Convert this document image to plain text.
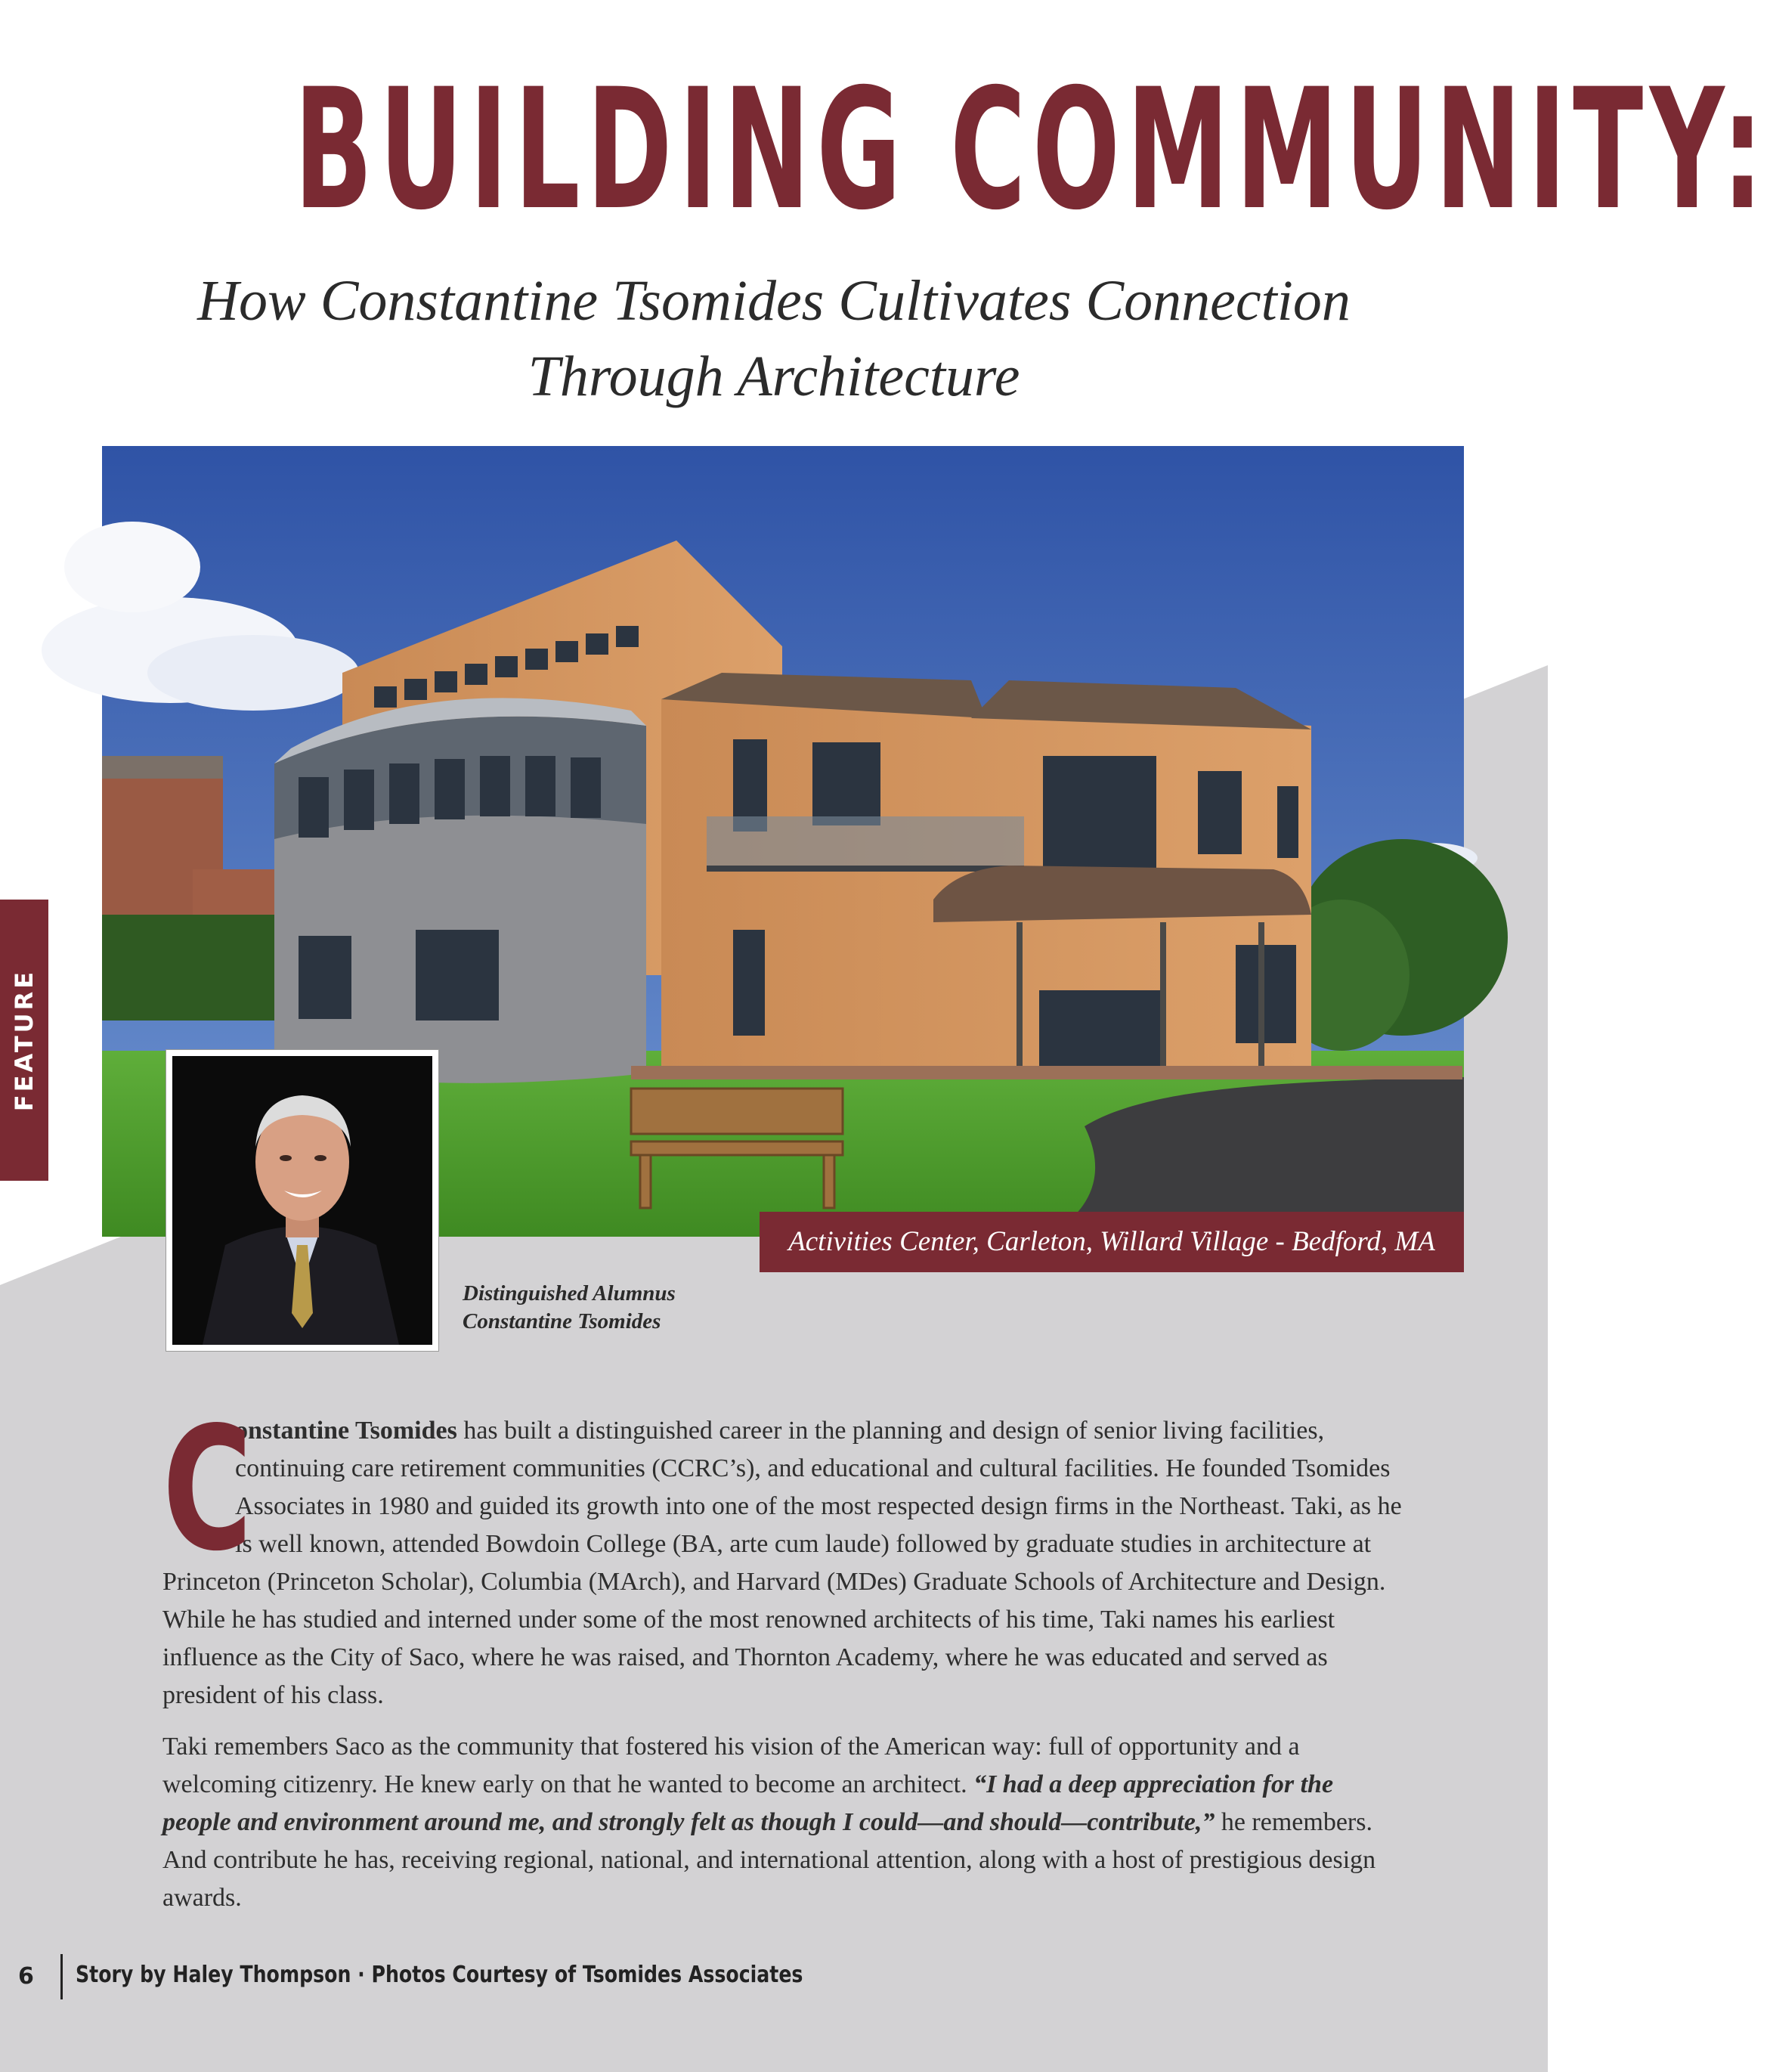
BUILDING COMMUNITY:
How Constantine Tsomides Cultivates Connection
Through Architecture
FEATURE
Activities Center, Carleton, Willard Village - Bedford, MA
Distinguished Alumnus
Constantine Tsomides

C
onstantine Tsomides has built a distinguished career in the planning and design of senior living facilities, continuing care retirement communities (CCRC’s), and educational and cultural facilities. He founded Tsomides Associates in 1980 and guided its growth into one of the most respected design firms in the Northeast. Taki, as he is well known, attended Bowdoin College (BA, arte cum laude) followed by graduate studies in architecture at Princeton (Princeton Scholar), Columbia (MArch), and Harvard (MDes) Graduate Schools of Architecture and Design. While he has studied and interned under some of the most renowned architects of his time, Taki names his earliest influence as the City of Saco, where he was raised, and Thornton Academy, where he was educated and served as president of his class.

Taki remembers Saco as the community that fostered his vision of the American way: full of opportunity and a welcoming citizenry. He knew early on that he wanted to become an architect. “I had a deep appreciation for the people and environment around me, and strongly felt as though I could—and should—contribute,” he remembers. And contribute he has, receiving regional, national, and international attention, along with a host of prestigious design awards.

6 Story by Haley Thompson · Photos Courtesy of Tsomides Associates
